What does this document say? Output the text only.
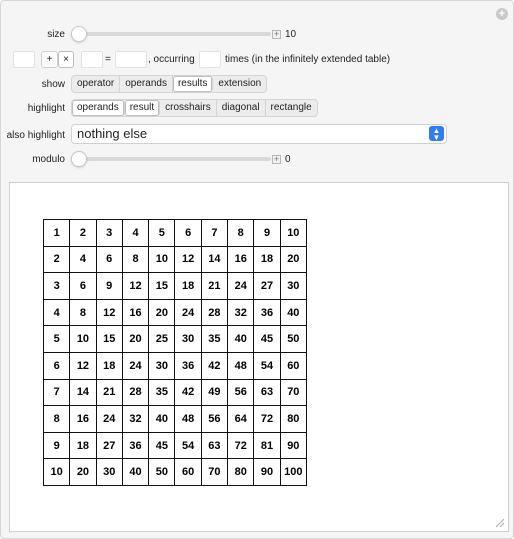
+
size	+ 10
+	×	=	, occurring	times (in the infinitely extended table)
show	operator	operands	results	extension
highlight	operands	result	crosshairs	diagonal	rectangle
also highlight nothing else	▲
▼
modulo	+ 0
1	2	3	4	5	6	7	8	9	10
2	4	6	8	10	12	14	16	18	20
3	6	9	12	15	18	21	24	27	30
4	8	12	16	20	24	28	32	36	40
5	10	15	20	25	30	35	40	45	50
6	12	18	24	30	36	42	48	54	60
7	14	21	28	35	42	49	56	63	70
8	16	24	32	40	48	56	64	72	80
9	18	27	36	45	54	63	72	81	90
10	20	30	40	50	60	70	80	90	100
